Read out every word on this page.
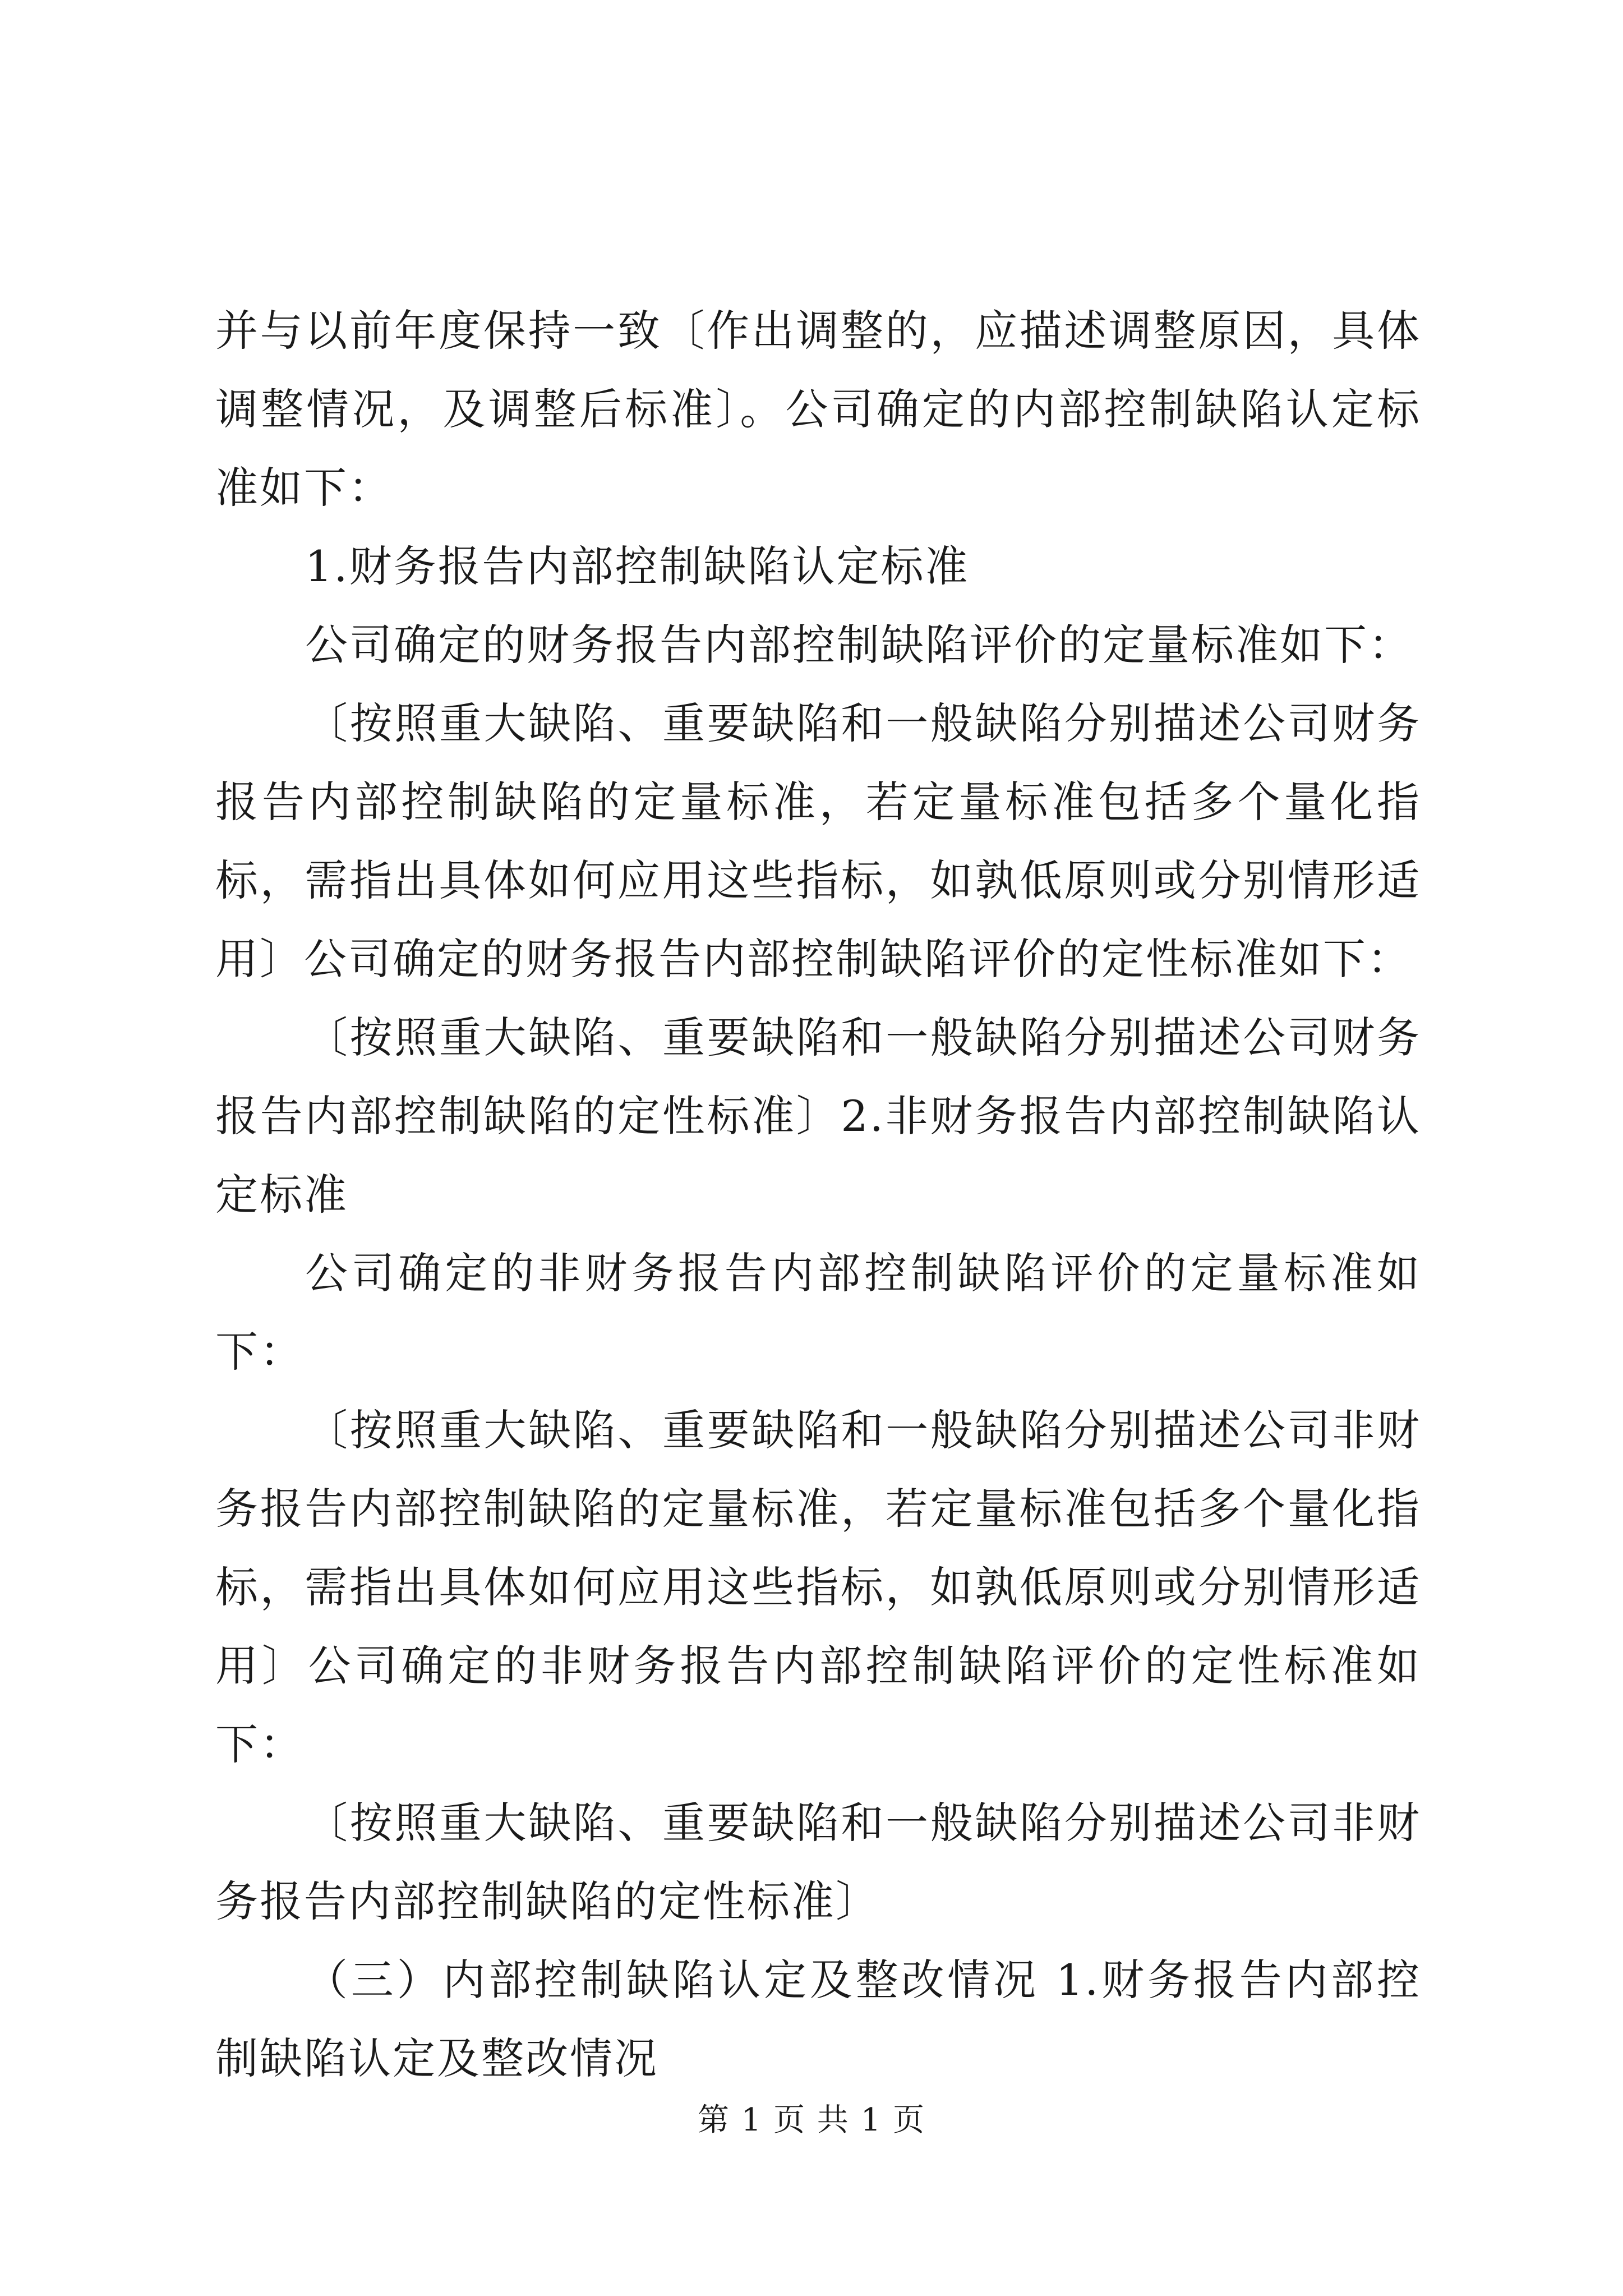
并与以前年度保持一致〔作出调整的，应描述调整原因，具体调整情况，及调整后标准〕。公司确定的内部控制缺陷认定标准如下：

1.财务报告内部控制缺陷认定标准

公司确定的财务报告内部控制缺陷评价的定量标准如下：

〔按照重大缺陷、重要缺陷和一般缺陷分别描述公司财务报告内部控制缺陷的定量标准，若定量标准包括多个量化指标，需指出具体如何应用这些指标，如孰低原则或分别情形适用〕公司确定的财务报告内部控制缺陷评价的定性标准如下：

〔按照重大缺陷、重要缺陷和一般缺陷分别描述公司财务报告内部控制缺陷的定性标准〕2.非财务报告内部控制缺陷认定标准

公司确定的非财务报告内部控制缺陷评价的定量标准如下：

〔按照重大缺陷、重要缺陷和一般缺陷分别描述公司非财务报告内部控制缺陷的定量标准，若定量标准包括多个量化指标，需指出具体如何应用这些指标，如孰低原则或分别情形适用〕公司确定的非财务报告内部控制缺陷评价的定性标准如下：

〔按照重大缺陷、重要缺陷和一般缺陷分别描述公司非财务报告内部控制缺陷的定性标准〕

（三）内部控制缺陷认定及整改情况 1.财务报告内部控制缺陷认定及整改情况

第 1 页 共 1 页
